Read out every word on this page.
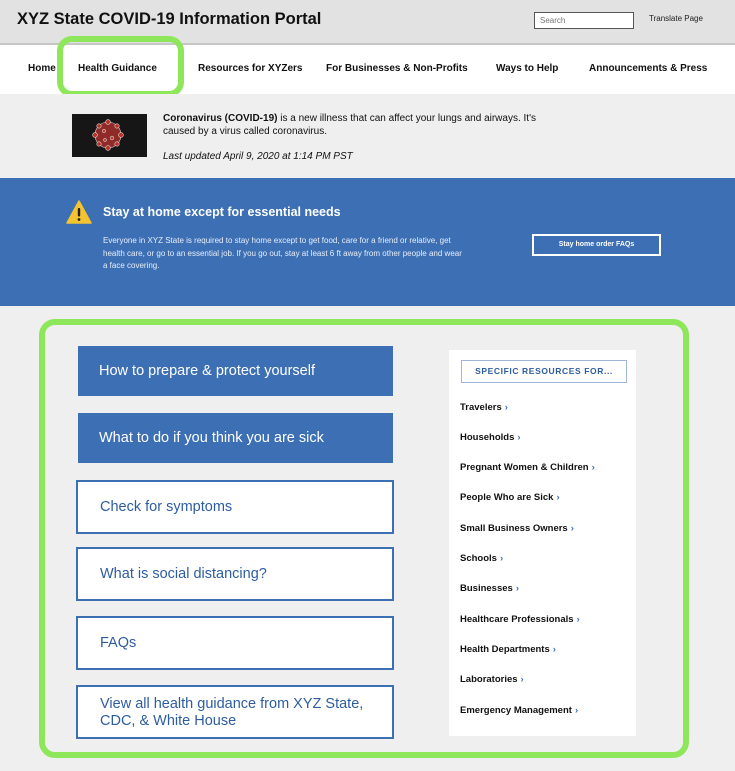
XYZ State COVID-19 Information Portal
Search	Translate Page
Home Health Guidance	Resources for XYZers For Businesses & Non-Profits	Ways to Help	Announcements & Press
Coronavirus (COVID-19) is a new illness that can affect your lungs and airways. It's caused by a virus called coronavirus.
Last updated April 9, 2020 at 1:14 PM PST
Stay at home except for essential needs
Everyone in XYZ State is required to stay home except to get food, care for a friend or relative, get health care, or go to an essential job. If you go out, stay at least 6 ft away from other people and wear a face covering.
Stay home order FAQs
How to prepare & protect yourself
What to do if you think you are sick
Check for symptoms
What is social distancing?
FAQs
View all health guidance from XYZ State, CDC, & White House
SPECIFIC RESOURCES FOR...
Travelers ›
Households ›
Pregnant Women & Children ›
People Who are Sick ›
Small Business Owners ›
Schools ›
Businesses ›
Healthcare Professionals ›
Health Departments ›
Laboratories ›
Emergency Management ›
